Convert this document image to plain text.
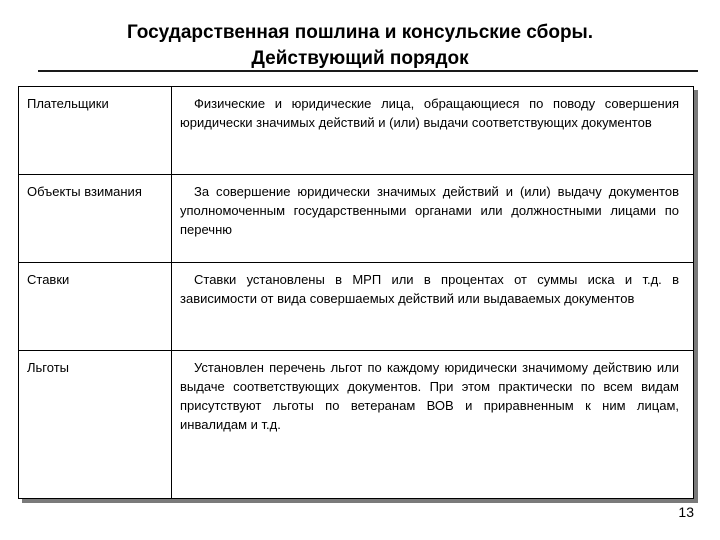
Государственная пошлина и консульские сборы.
Действующий порядок
Плательщики	Физические и юридические лица, обращающиеся по поводу совершения юридически значимых действий и (или) выдачи соответствующих документов
Объекты взимания	За совершение юридически значимых действий и (или) выдачу документов уполномоченным государственными органами или должностными лицами по перечню
Ставки	Ставки установлены в МРП или в процентах от суммы иска и т.д. в зависимости от вида совершаемых действий или выдаваемых документов
Льготы	Установлен перечень льгот по каждому юридически значимому действию или выдаче соответствующих документов. При этом практически по всем видам присутствуют льготы по ветеранам ВОВ и приравненным к ним лицам, инвалидам и т.д.
13
